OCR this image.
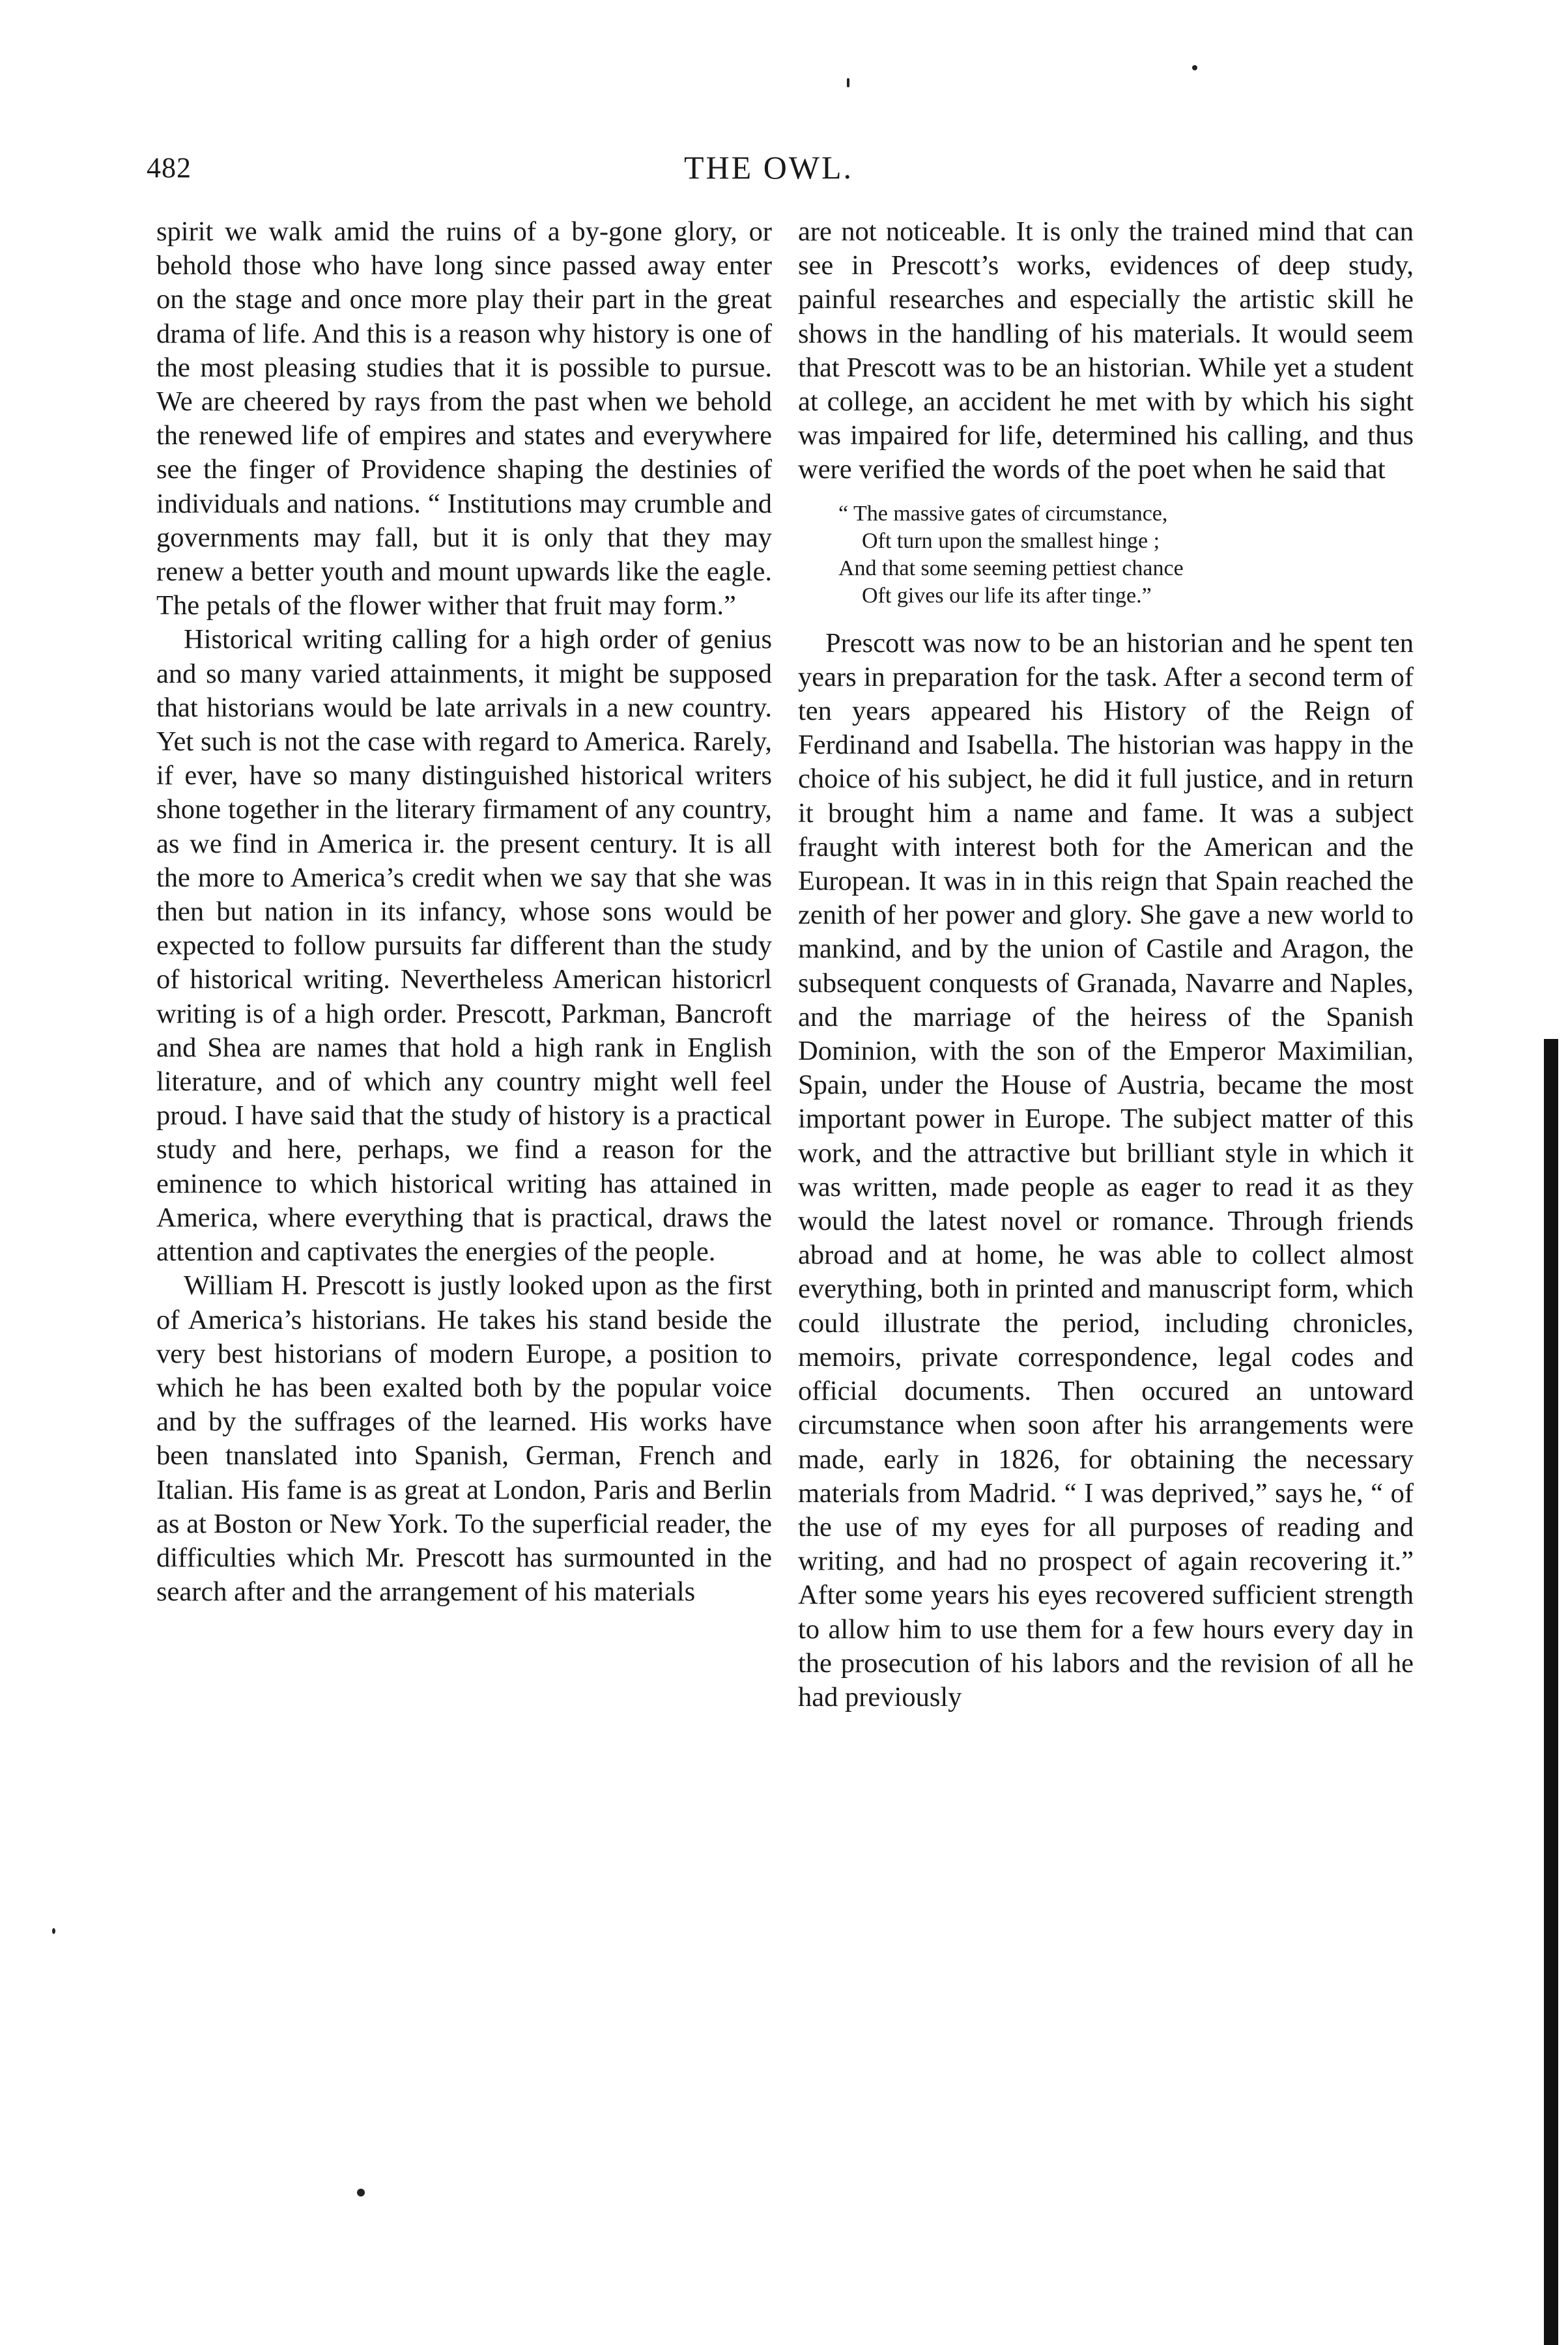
482	THE OWL.

spirit we walk amid the ruins of a by-gone glory, or behold those who have long since passed away enter on the stage and once more play their part in the great drama of life. And this is a reason why history is one of the most pleasing studies that it is possible to pursue. We are cheered by rays from the past when we behold the renewed life of empires and states and everywhere see the finger of Providence shaping the destinies of individuals and nations. “ Institutions may crumble and governments may fall, but it is only that they may renew a better youth and mount upwards like the eagle. The petals of the flower wither that fruit may form.”

Historical writing calling for a high order of genius and so many varied attainments, it might be supposed that historians would be late arrivals in a new country. Yet such is not the case with regard to America. Rarely, if ever, have so many distinguished historical writers shone together in the literary firmament of any country, as we find in America ir. the present century. It is all the more to America’s credit when we say that she was then but nation in its infancy, whose sons would be expected to follow pursuits far different than the study of historical writing. Nevertheless American historicrl writing is of a high order. Prescott, Parkman, Bancroft and Shea are names that hold a high rank in English literature, and of which any country might well feel proud. I have said that the study of history is a practical study and here, perhaps, we find a reason for the eminence to which historical writing has attained in America, where everything that is practical, draws the attention and captivates the energies of the people.

William H. Prescott is justly looked upon as the first of America’s historians. He takes his stand beside the very best historians of modern Europe, a position to which he has been exalted both by the popular voice and by the suffrages of the learned. His works have been tnanslated into Spanish, German, French and Italian. His fame is as great at London, Paris and Berlin as at Boston or New York. To the superficial reader, the difficulties which Mr. Prescott has surmounted in the search after and the arrangement of his materials

are not noticeable. It is only the trained mind that can see in Prescott’s works, evidences of deep study, painful researches and especially the artistic skill he shows in the handling of his materials. It would seem that Prescott was to be an historian. While yet a student at college, an accident he met with by which his sight was impaired for life, determined his calling, and thus were verified the words of the poet when he said that

“ The massive gates of circumstance,
Oft turn upon the smallest hinge ;
And that some seeming pettiest chance
Oft gives our life its after tinge.”

Prescott was now to be an historian and he spent ten years in preparation for the task. After a second term of ten years appeared his History of the Reign of Ferdinand and Isabella. The historian was happy in the choice of his subject, he did it full justice, and in return it brought him a name and fame. It was a subject fraught with interest both for the American and the European. It was in in this reign that Spain reached the zenith of her power and glory. She gave a new world to mankind, and by the union of Castile and Aragon, the subsequent conquests of Granada, Navarre and Naples, and the marriage of the heiress of the Spanish Dominion, with the son of the Emperor Maximilian, Spain, under the House of Austria, became the most important power in Europe. The subject matter of this work, and the attractive but brilliant style in which it was written, made people as eager to read it as they would the latest novel or romance. Through friends abroad and at home, he was able to collect almost everything, both in printed and manuscript form, which could illustrate the period, including chronicles, memoirs, private correspondence, legal codes and official documents. Then occured an untoward circumstance when soon after his arrangements were made, early in 1826, for obtaining the necessary materials from Madrid. “ I was deprived,” says he, “ of the use of my eyes for all purposes of reading and writing, and had no prospect of again recovering it.” After some years his eyes recovered sufficient strength to allow him to use them for a few hours every day in the prosecution of his labors and the revision of all he had previously
